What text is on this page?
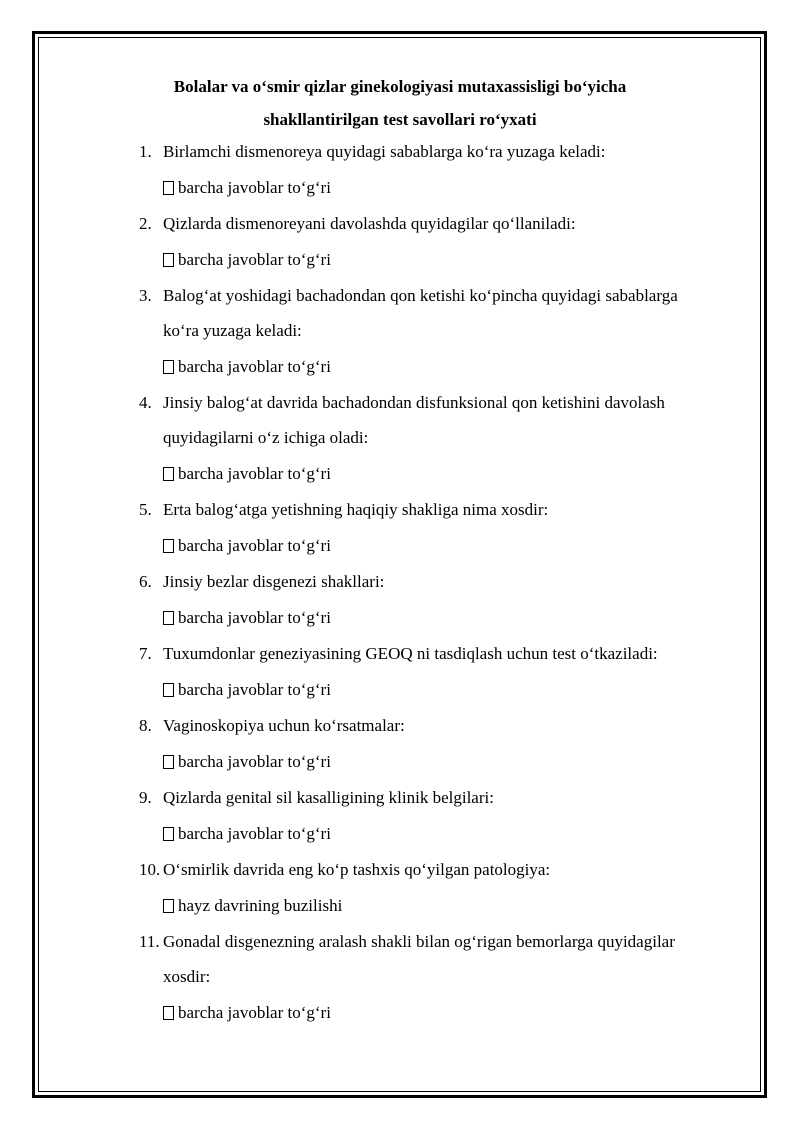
Bolalar va o‘smir qizlar ginekologiyasi mutaxassisligi bo‘yicha
shakllantirilgan test savollari ro‘yxati
1. Birlamchi dismenoreya quyidagi sabablarga ko‘ra yuzaga keladi:
barcha javoblar to‘g‘ri
2. Qizlarda dismenoreyani davolashda quyidagilar qo‘llaniladi:
barcha javoblar to‘g‘ri
3. Balog‘at yoshidagi bachadondan qon ketishi ko‘pincha quyidagi sabablarga
ko‘ra yuzaga keladi:
barcha javoblar to‘g‘ri
4. Jinsiy balog‘at davrida bachadondan disfunksional qon ketishini davolash
quyidagilarni o‘z ichiga oladi:
barcha javoblar to‘g‘ri
5. Erta balog‘atga yetishning haqiqiy shakliga nima xosdir:
barcha javoblar to‘g‘ri
6. Jinsiy bezlar disgenezi shakllari:
barcha javoblar to‘g‘ri
7. Tuxumdonlar geneziyasining GEOQ ni tasdiqlash uchun test o‘tkaziladi:
barcha javoblar to‘g‘ri
8. Vaginoskopiya uchun ko‘rsatmalar:
barcha javoblar to‘g‘ri
9. Qizlarda genital sil kasalligining klinik belgilari:
barcha javoblar to‘g‘ri
10. O‘smirlik davrida eng ko‘p tashxis qo‘yilgan patologiya:
hayz davrining buzilishi
11. Gonadal disgenezning aralash shakli bilan og‘rigan bemorlarga quyidagilar
xosdir:
barcha javoblar to‘g‘ri
